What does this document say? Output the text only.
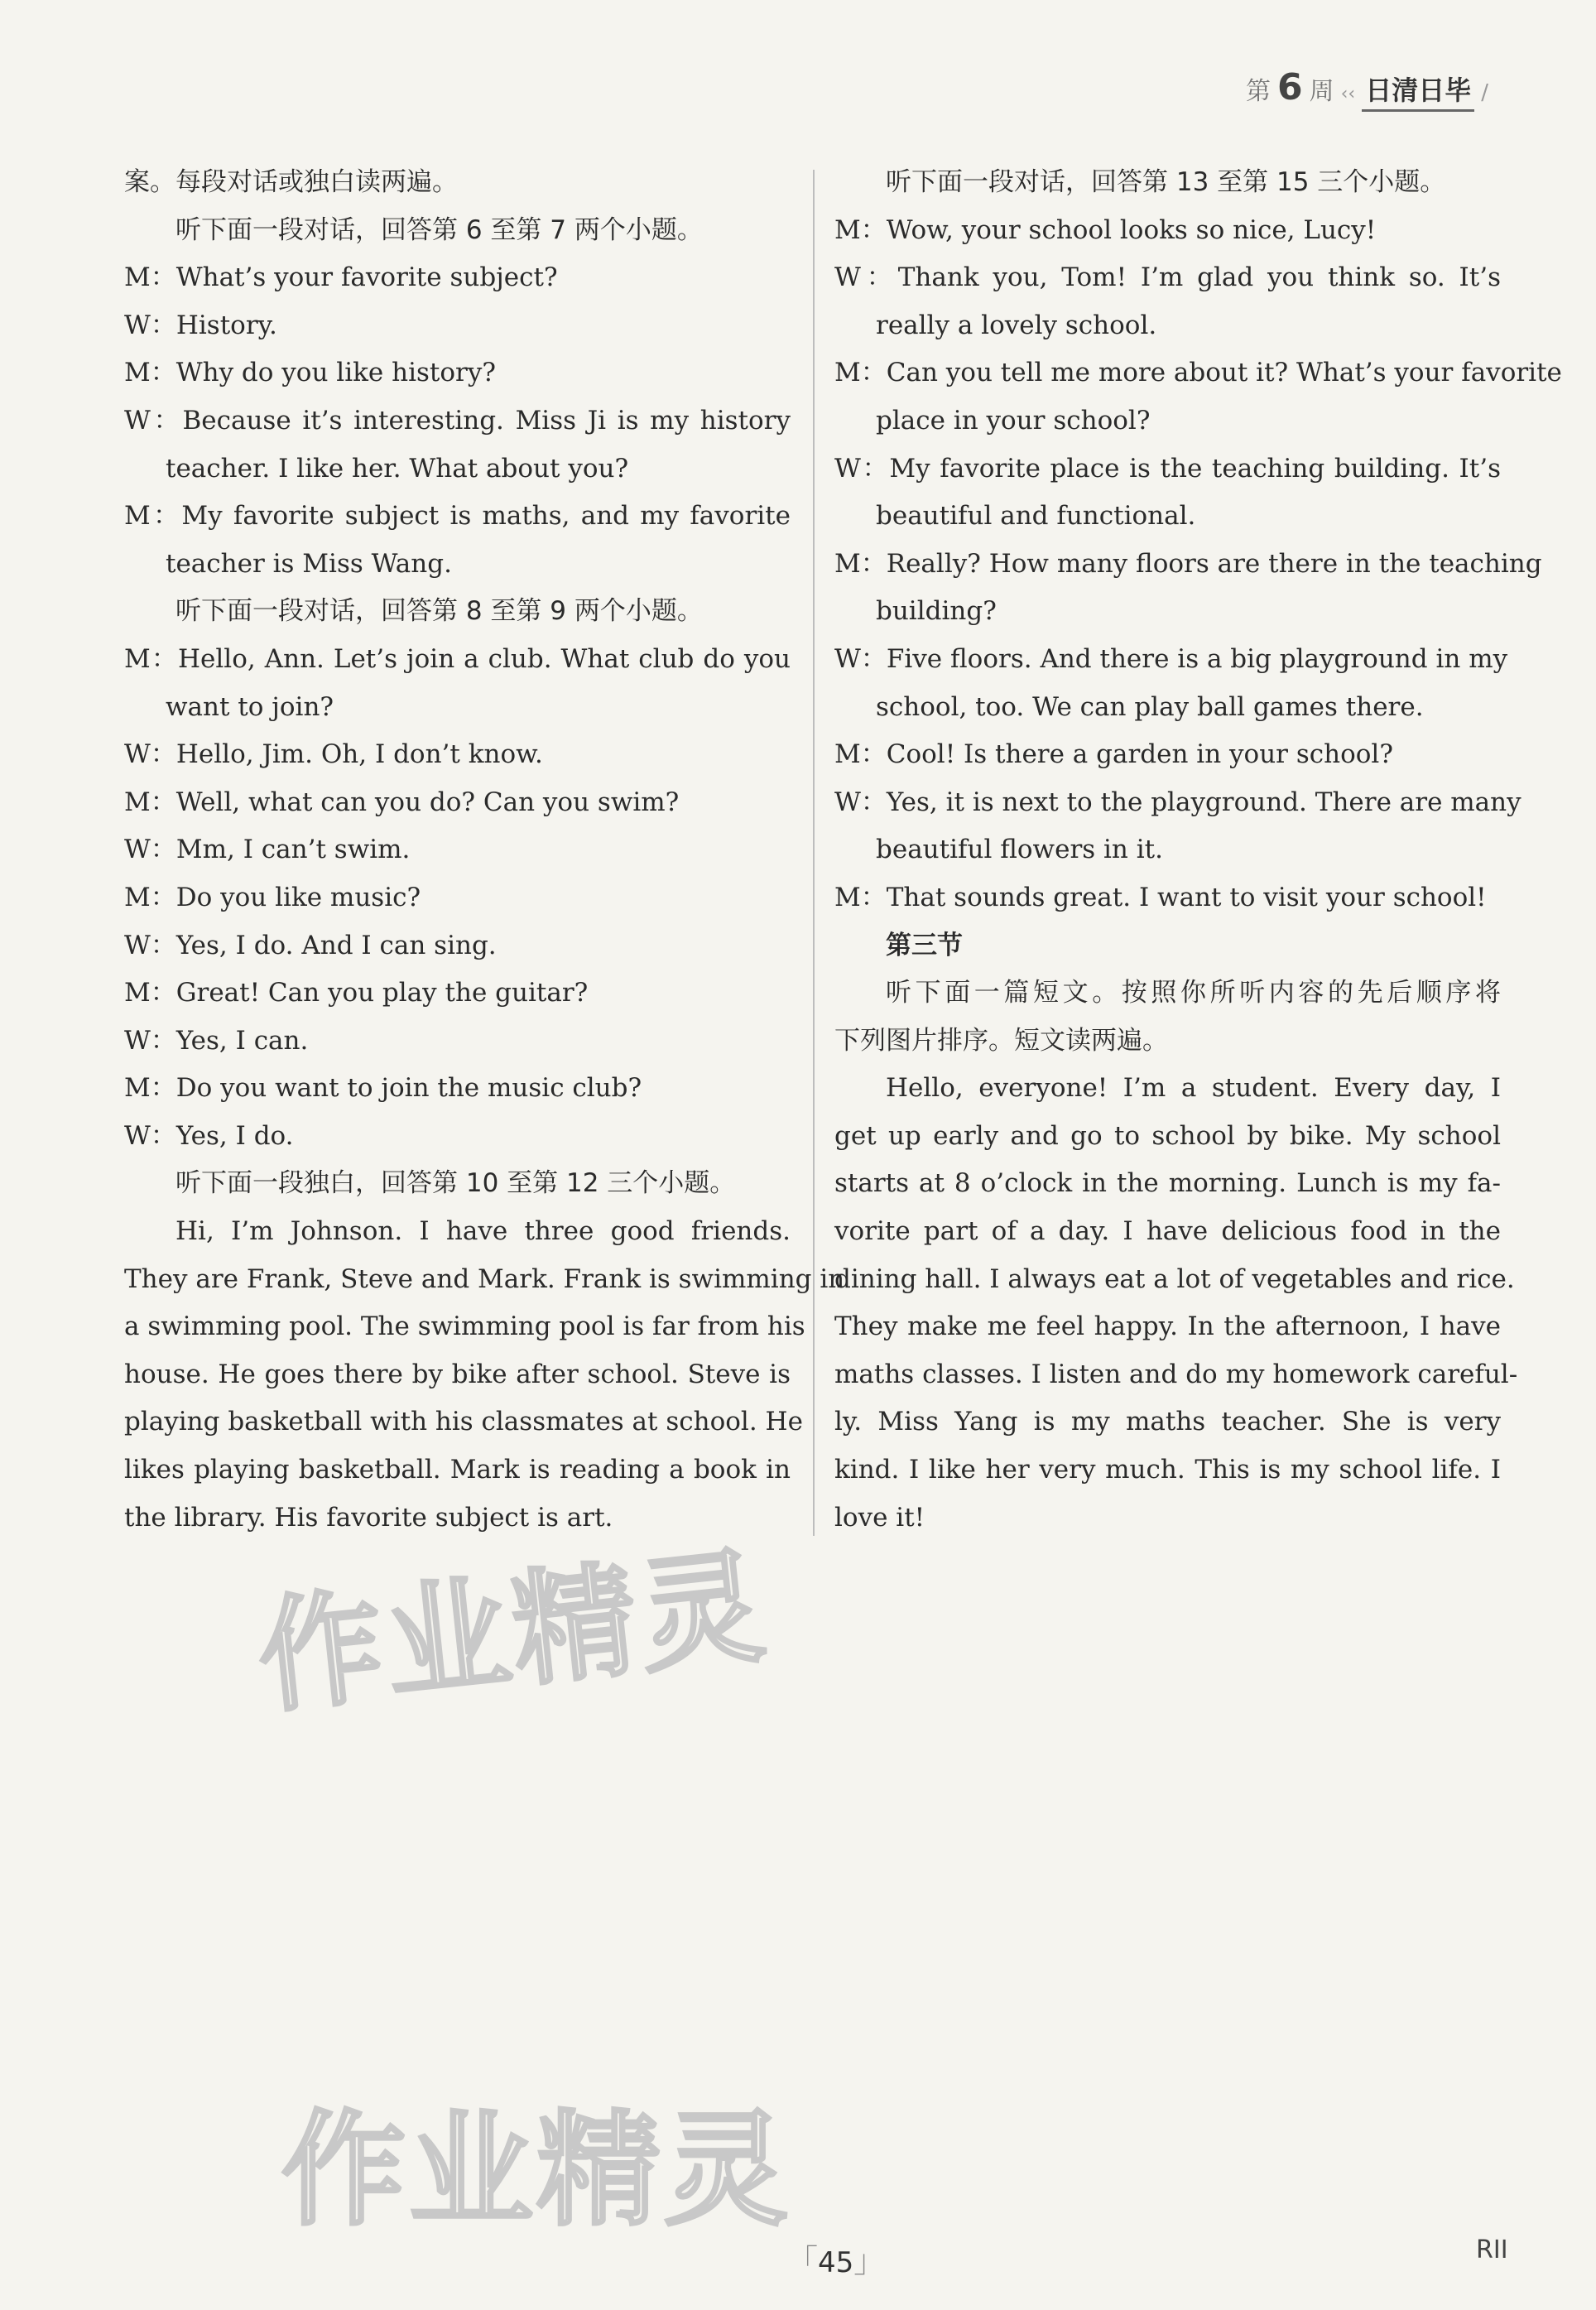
第 6 周 ‹‹ 日清日毕 /
案。每段对话或独白读两遍。
听下面一段对话，回答第 6 至第 7 两个小题。
M：What’s your favorite subject?
W：History.
M：Why do you like history?
W：Because it’s interesting. Miss Ji is my history
teacher. I like her. What about you?
M：My favorite subject is maths, and my favorite
teacher is Miss Wang.
听下面一段对话，回答第 8 至第 9 两个小题。
M：Hello, Ann. Let’s join a club. What club do you
want to join?
W：Hello, Jim. Oh, I don’t know.
M：Well, what can you do? Can you swim?
W：Mm, I can’t swim.
M：Do you like music?
W：Yes, I do. And I can sing.
M：Great! Can you play the guitar?
W：Yes, I can.
M：Do you want to join the music club?
W：Yes, I do.
听下面一段独白，回答第 10 至第 12 三个小题。
Hi, I’m Johnson. I have three good friends.
They are Frank, Steve and Mark. Frank is swimming in
a swimming pool. The swimming pool is far from his
house. He goes there by bike after school. Steve is
playing basketball with his classmates at school. He
likes playing basketball. Mark is reading a book in
the library. His favorite subject is art.
听下面一段对话，回答第 13 至第 15 三个小题。
M：Wow, your school looks so nice, Lucy!
W：Thank you, Tom! I’m glad you think so. It’s
really a lovely school.
M：Can you tell me more about it? What’s your favorite
place in your school?
W：My favorite place is the teaching building. It’s
beautiful and functional.
M：Really? How many floors are there in the teaching
building?
W：Five floors. And there is a big playground in my
school, too. We can play ball games there.
M：Cool! Is there a garden in your school?
W：Yes, it is next to the playground. There are many
beautiful flowers in it.
M：That sounds great. I want to visit your school!
第三节
听下面一篇短文。按照你所听内容的先后顺序将
下列图片排序。短文读两遍。
Hello, everyone! I’m a student. Every day, I
get up early and go to school by bike. My school
starts at 8 o’clock in the morning. Lunch is my fa-
vorite part of a day. I have delicious food in the
dining hall. I always eat a lot of vegetables and rice.
They make me feel happy. In the afternoon, I have
maths classes. I listen and do my homework careful-
ly. Miss Yang is my maths teacher. She is very
kind. I like her very much. This is my school life. I
love it!
作业精灵
作业精灵
「45」	RII
